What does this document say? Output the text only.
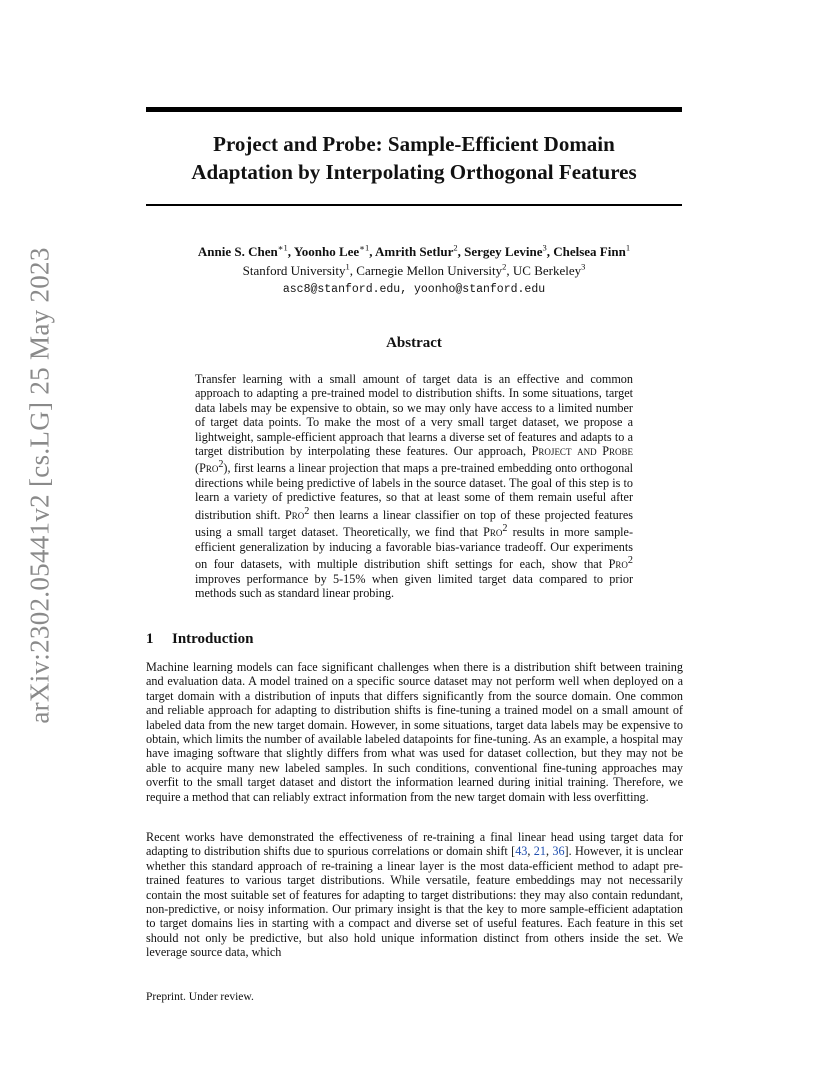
arXiv:2302.05441v2 [cs.LG] 25 May 2023
Project and Probe: Sample-Efficient Domain
Adaptation by Interpolating Orthogonal Features
Annie S. Chen$^{∗1}$, Yoonho Lee$^{∗1}$, Amrith Setlur$^2$, Sergey Levine$^3$, Chelsea Finn$^1$
Stanford University$^1$, Carnegie Mellon University$^2$, UC Berkeley$^3$
asc8@stanford.edu, yoonho@stanford.edu
Abstract
Transfer learning with a small amount of target data is an effective and common approach to adapting a pre-trained model to distribution shifts. In some situations, target data labels may be expensive to obtain, so we may only have access to a limited number of target data points. To make the most of a very small target dataset, we propose a lightweight, sample-efficient approach that learns a diverse set of features and adapts to a target distribution by interpolating these features. Our approach, Project and Probe (Pro$^2$), first learns a linear projection that maps a pre-trained embedding onto orthogonal directions while being predictive of labels in the source dataset. The goal of this step is to learn a variety of predictive features, so that at least some of them remain useful after distribution shift. Pro$^2$ then learns a linear classifier on top of these projected features using a small target dataset. Theoretically, we find that Pro$^2$ results in more sample-efficient generalization by inducing a favorable bias-variance tradeoff. Our experiments on four datasets, with multiple distribution shift settings for each, show that Pro$^2$ improves performance by 5-15% when given limited target data compared to prior methods such as standard linear probing.
1 Introduction
Machine learning models can face significant challenges when there is a distribution shift between training and evaluation data. A model trained on a specific source dataset may not perform well when deployed on a target domain with a distribution of inputs that differs significantly from the source domain. One common and reliable approach for adapting to distribution shifts is fine-tuning a trained model on a small amount of labeled data from the new target domain. However, in some situations, target data labels may be expensive to obtain, which limits the number of available labeled datapoints for fine-tuning. As an example, a hospital may have imaging software that slightly differs from what was used for dataset collection, but they may not be able to acquire many new labeled samples. In such conditions, conventional fine-tuning approaches may overfit to the small target dataset and distort the information learned during initial training. Therefore, we require a method that can reliably extract information from the new target domain with less overfitting.
Recent works have demonstrated the effectiveness of re-training a final linear head using target data for adapting to distribution shifts due to spurious correlations or domain shift [43, 21, 36]. However, it is unclear whether this standard approach of re-training a linear layer is the most data-efficient method to adapt pre-trained features to various target distributions. While versatile, feature embeddings may not necessarily contain the most suitable set of features for adapting to target distributions: they may also contain redundant, non-predictive, or noisy information. Our primary insight is that the key to more sample-efficient adaptation to target domains lies in starting with a compact and diverse set of useful features. Each feature in this set should not only be predictive, but also hold unique information distinct from others inside the set. We leverage source data, which
Preprint. Under review.
